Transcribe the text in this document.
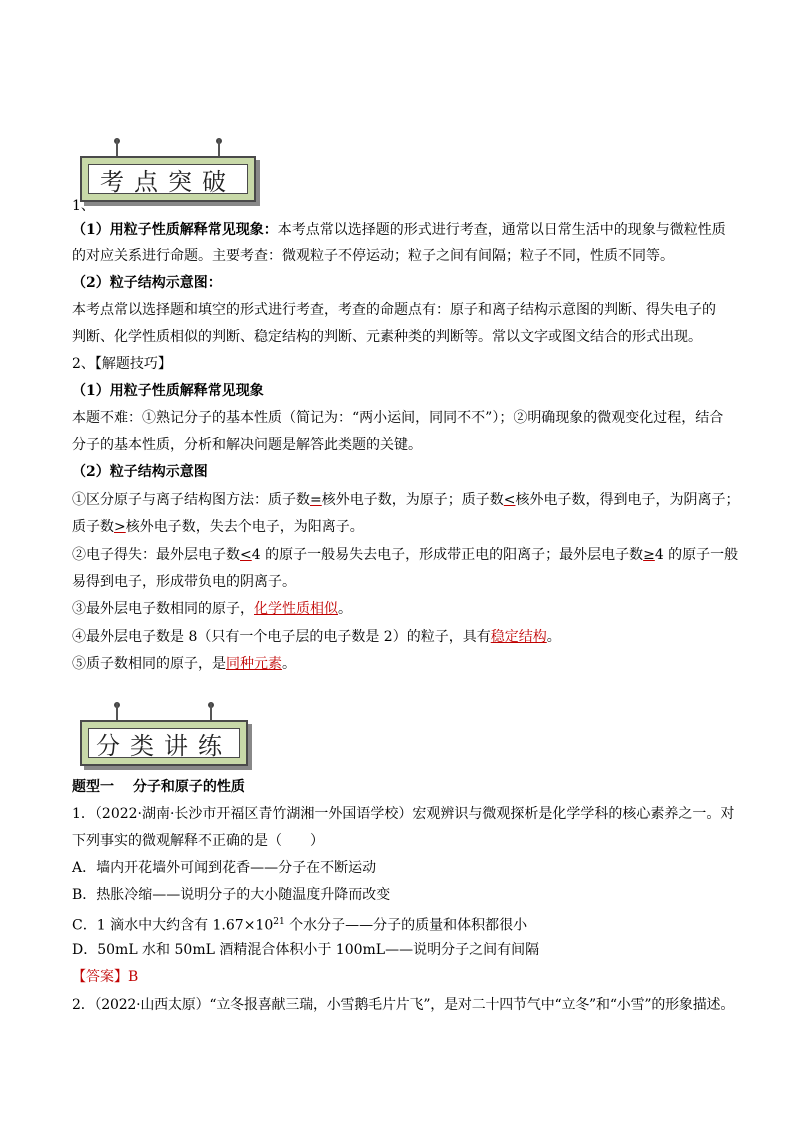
考点突破
1、
（1）用粒子性质解释常见现象：本考点常以选择题的形式进行考查，通常以日常生活中的现象与微粒性质
的对应关系进行命题。主要考查：微观粒子不停运动；粒子之间有间隔；粒子不同，性质不同等。
（2）粒子结构示意图：
本考点常以选择题和填空的形式进行考查，考查的命题点有：原子和离子结构示意图的判断、得失电子的
判断、化学性质相似的判断、稳定结构的判断、元素种类的判断等。常以文字或图文结合的形式出现。
2、【解题技巧】
（1）用粒子性质解释常见现象
本题不难：①熟记分子的基本性质（简记为：“两小运间，同同不不”）；②明确现象的微观变化过程，结合
分子的基本性质，分析和解决问题是解答此类题的关键。
（2）粒子结构示意图
①区分原子与离子结构图方法：质子数=核外电子数，为原子；质子数<核外电子数，得到电子，为阴离子；
质子数>核外电子数，失去个电子，为阳离子。
②电子得失：最外层电子数<4 的原子一般易失去电子，形成带正电的阳离子；最外层电子数≥4 的原子一般
易得到电子，形成带负电的阴离子。
③最外层电子数相同的原子，化学性质相似。
④最外层电子数是 8（只有一个电子层的电子数是 2）的粒子，具有稳定结构。
⑤质子数相同的原子，是同种元素。
分类讲练
题型一　 分子和原子的性质
1．（2022·湖南·长沙市开福区青竹湖湘一外国语学校）宏观辨识与微观探析是化学学科的核心素养之一。对
下列事实的微观解释不正确的是（　　）
A．墙内开花墙外可闻到花香——分子在不断运动
B．热胀冷缩——说明分子的大小随温度升降而改变
C．1 滴水中大约含有 $1.67\times 10^{21}$ 个水分子——分子的质量和体积都很小
D．50mL 水和 50mL 酒精混合体积小于 100mL——说明分子之间有间隔
【答案】B
2．（2022·山西太原）“立冬报喜献三瑞，小雪鹅毛片片飞”，是对二十四节气中“立冬”和“小雪”的形象描述。
